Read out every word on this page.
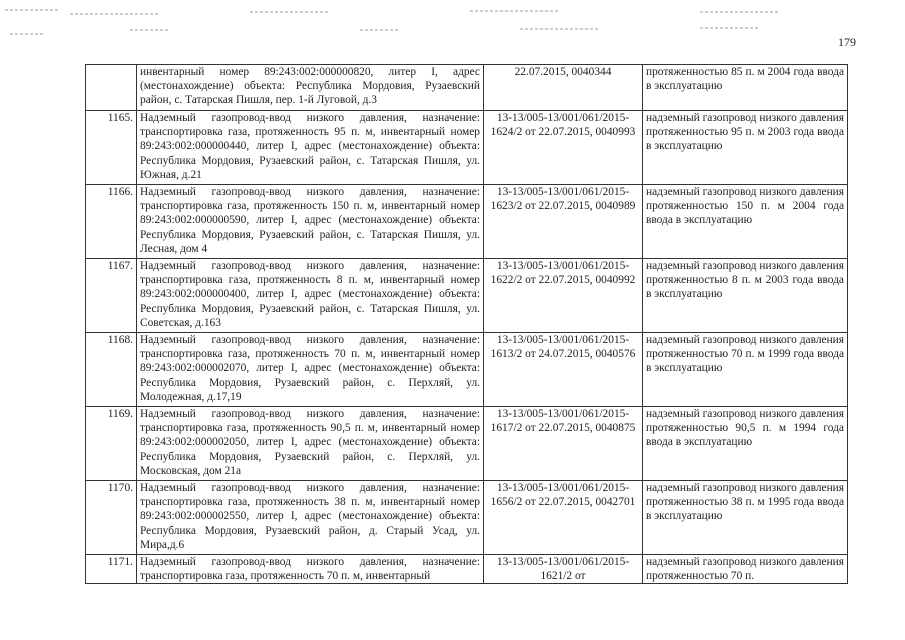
179
	инвентарный номер 89:243:002:000000820, литер I, адрес (местонахождение) объекта: Республика Мордовия, Рузаевский район, с. Татарская Пишля, пер. 1-й Луговой, д.3	22.07.2015, 0040344	протяженностью 85 п. м 2004 года ввода в эксплуатацию
1165.	Надземный газопровод-ввод низкого давления, назначение: транспортировка газа, протяженность 95 п. м, инвентарный номер 89:243:002:000000440, литер I, адрес (местонахождение) объекта: Республика Мордовия, Рузаевский район, с. Татарская Пишля, ул. Южная, д.21	13-13/005-13/001/061/2015-1624/2 от 22.07.2015, 0040993	надземный газопровод низкого давления протяженностью 95 п. м 2003 года ввода в эксплуатацию
1166.	Надземный газопровод-ввод низкого давления, назначение: транспортировка газа, протяженность 150 п. м, инвентарный номер 89:243:002:000000590, литер I, адрес (местонахождение) объекта: Республика Мордовия, Рузаевский район, с. Татарская Пишля, ул. Лесная, дом 4	13-13/005-13/001/061/2015-1623/2 от 22.07.2015, 0040989	надземный газопровод низкого давления протяженностью 150 п. м 2004 года ввода в эксплуатацию
1167.	Надземный газопровод-ввод низкого давления, назначение: транспортировка газа, протяженность 8 п. м, инвентарный номер 89:243:002:000000400, литер I, адрес (местонахождение) объекта: Республика Мордовия, Рузаевский район, с. Татарская Пишля, ул. Советская, д.163	13-13/005-13/001/061/2015-1622/2 от 22.07.2015, 0040992	надземный газопровод низкого давления протяженностью 8 п. м 2003 года ввода в эксплуатацию
1168.	Надземный газопровод-ввод низкого давления, назначение: транспортировка газа, протяженность 70 п. м, инвентарный номер 89:243:002:000002070, литер I, адрес (местонахождение) объекта: Республика Мордовия, Рузаевский район, с. Перхляй, ул. Молодежная, д.17,19	13-13/005-13/001/061/2015-1613/2 от 24.07.2015, 0040576	надземный газопровод низкого давления протяженностью 70 п. м 1999 года ввода в эксплуатацию
1169.	Надземный газопровод-ввод низкого давления, назначение: транспортировка газа, протяженность 90,5 п. м, инвентарный номер 89:243:002:000002050, литер I, адрес (местонахождение) объекта: Республика Мордовия, Рузаевский район, с. Перхляй, ул. Московская, дом 21а	13-13/005-13/001/061/2015-1617/2 от 22.07.2015, 0040875	надземный газопровод низкого давления протяженностью 90,5 п. м 1994 года ввода в эксплуатацию
1170.	Надземный газопровод-ввод низкого давления, назначение: транспортировка газа, протяженность 38 п. м, инвентарный номер 89:243:002:000002550, литер I, адрес (местонахождение) объекта: Республика Мордовия, Рузаевский район, д. Старый Усад, ул. Мира,д.6	13-13/005-13/001/061/2015-1656/2 от 22.07.2015, 0042701	надземный газопровод низкого давления протяженностью 38 п. м 1995 года ввода в эксплуатацию
1171.	Надземный газопровод-ввод низкого давления, назначение: транспортировка газа, протяженность 70 п. м, инвентарный	13-13/005-13/001/061/2015-1621/2 от	надземный газопровод низкого давления протяженностью 70 п.
